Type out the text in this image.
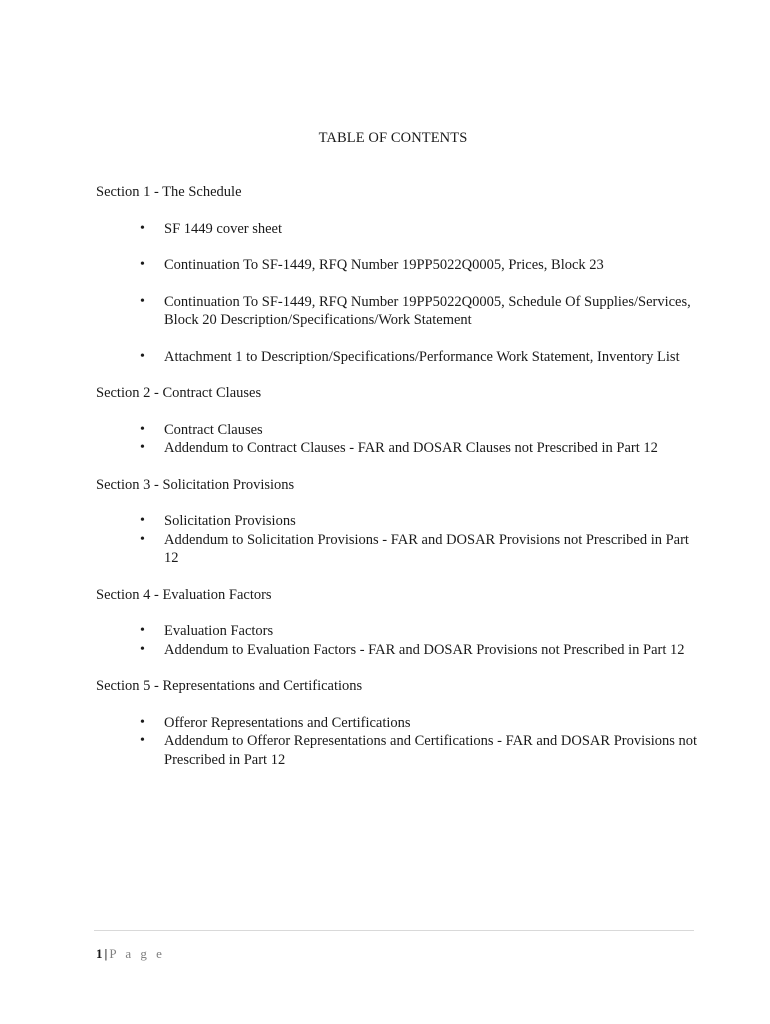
TABLE OF CONTENTS

Section 1 - The Schedule

• SF 1449 cover sheet
• Continuation To SF-1449, RFQ Number 19PP5022Q0005, Prices, Block 23
• Continuation To SF-1449, RFQ Number 19PP5022Q0005, Schedule Of Supplies/Services, Block 20 Description/Specifications/Work Statement
• Attachment 1 to Description/Specifications/Performance Work Statement, Inventory List

Section 2 - Contract Clauses

• Contract Clauses
• Addendum to Contract Clauses - FAR and DOSAR Clauses not Prescribed in Part 12

Section 3 - Solicitation Provisions

• Solicitation Provisions
• Addendum to Solicitation Provisions - FAR and DOSAR Provisions not Prescribed in Part 12

Section 4 - Evaluation Factors

• Evaluation Factors
• Addendum to Evaluation Factors - FAR and DOSAR Provisions not Prescribed in Part 12

Section 5 - Representations and Certifications

• Offeror Representations and Certifications
• Addendum to Offeror Representations and Certifications - FAR and DOSAR Provisions not Prescribed in Part 12
1 | P a g e
